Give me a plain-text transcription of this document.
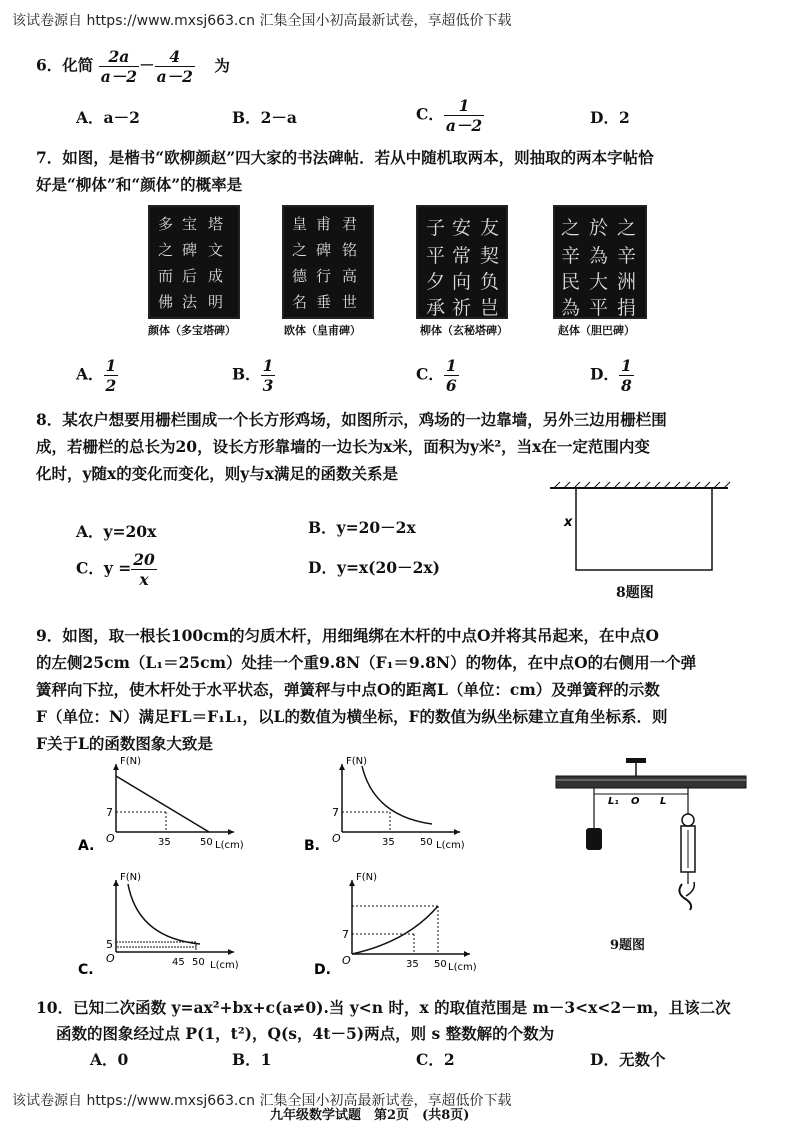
该试卷源自 https://www.mxsj663.cn 汇集全国小初高最新试卷，享超低价下载
6．化简 $\frac{2a}{a-2} - \frac{4}{a-2}$ 为
A．a－2	B．2－a	C． $\frac{1}{a-2}$	D．2
7．如图，是楷书“欧柳颜赵”四大家的书法碑帖．若从中随机取两本，则抽取的两本字帖恰
好是“柳体”和“颜体”的概率是
多 宝 塔
之 碑 文
而 后 成
佛 法 明
皇 甫 君
之 碑 铭
德 行 高
名 垂 世
子 安 友
平 常 契
夕 向 负
承 祈 岂
之 於 之
辛 為 辛
民 大 洲
為 平 捐
颜体（多宝塔碑）	欧体（皇甫碑）	柳体（玄秘塔碑）	赵体（胆巴碑）
A． $\frac{1}{2}$	B． $\frac{1}{3}$	C． $\frac{1}{6}$	D． $\frac{1}{8}$
8．某农户想要用栅栏围成一个长方形鸡场，如图所示，鸡场的一边靠墙，另外三边用栅栏围
成，若栅栏的总长为20，设长方形靠墙的一边长为x米，面积为y米²，当x在一定范围内变
化时，y随x的变化而变化，则y与x满足的函数关系是
A．y=20x	B．y=20－2x
C．$y = \frac{20}{x}$	D．y=x(20－2x)
x
8题图
9．如图，取一根长100cm的匀质木杆，用细绳绑在木杆的中点O并将其吊起来，在中点O
的左侧25cm（L₁＝25cm）处挂一个重9.8N（F₁＝9.8N）的物体，在中点O的右侧用一个弹
簧秤向下拉，使木杆处于水平状态，弹簧秤与中点O的距离L（单位：cm）及弹簧秤的示数
F（单位：N）满足FL＝F₁L₁，以L的数值为横坐标，F的数值为纵坐标建立直角坐标系．则
F关于L的函数图象大致是
F(N)
7
O	35	50 L(cm)
A.
F(N)
7
O	35	50 L(cm)
B.
F(N)
5
O	45 50 L(cm)
C.
F(N)
7
O	35 50 L(cm)
D.
L₁ O L
9题图
10．已知二次函数 y=ax²+bx+c(a≠0).当 y<n 时，x 的取值范围是 m－3<x<2－m，且该二次
函数的图象经过点 P(1，t²)，Q(s，4t－5)两点，则 s 整数解的个数为
A．0	B．1	C．2	D．无数个
该试卷源自 https://www.mxsj663.cn 汇集全国小初高最新试卷，享超低价下载
九年级数学试题　第2页　(共8页)
